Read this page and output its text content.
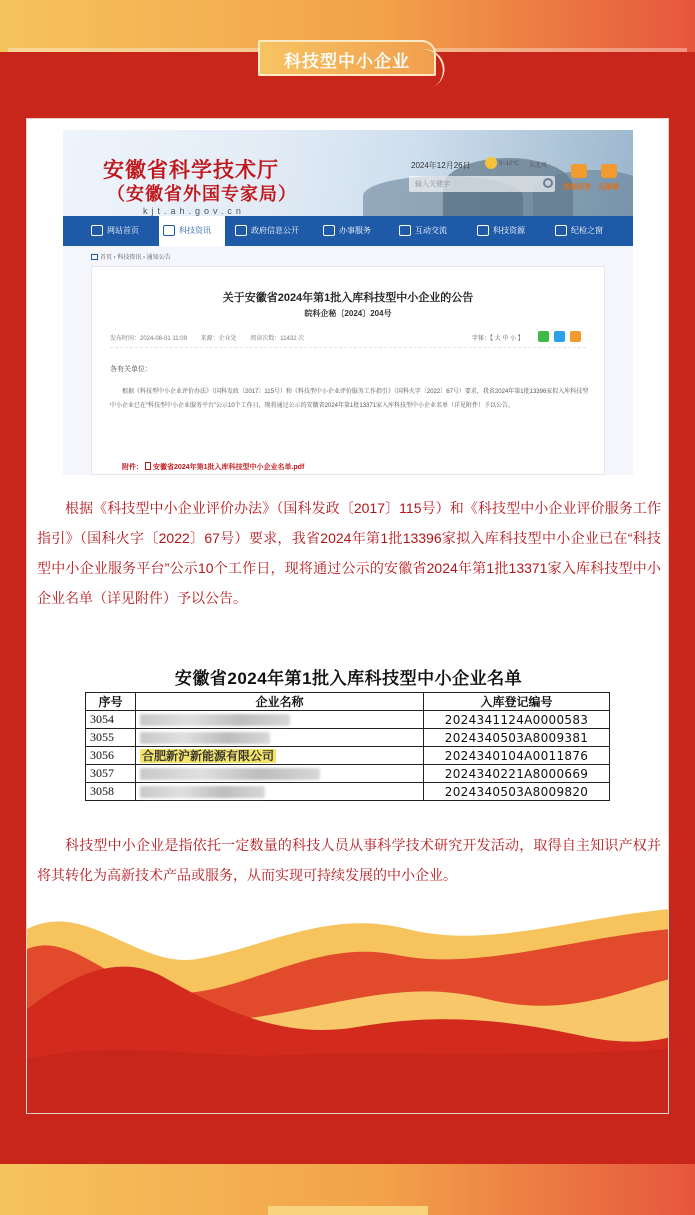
科技型中小企业
安徽省科学技术厅
（安徽省外国专家局）
kjt.ah.gov.cn
2024年12月26日	5~10℃ 东北风
输入关键字	智能问答 无障碍
网站首页	科技资讯	政府信息公开	办事服务	互动交流	科技资源	纪检之窗
首页 › 科技资讯 › 通知公告
关于安徽省2024年第1批入库科技型中小企业的公告
皖科企秘〔2024〕204号
发布时间：2024-08-01 11:09 来源：企业处 阅读次数：11432 次	字体：【 大 中 小 】
各有关单位：
根据《科技型中小企业评价办法》（国科发政〔2017〕115号）和《科技型中小企业评价服务工作指引》（国科火字〔2022〕67号）要求，我省2024年第1批13396家拟入库科技型中小企业已在“科技型中小企业服务平台”公示10个工作日，现将通过公示的安徽省2024年第1批13371家入库科技型中小企业名单（详见附件）予以公告。
附件： 安徽省2024年第1批入库科技型中小企业名单.pdf

根据《科技型中小企业评价办法》（国科发政〔2017〕115号）和《科技型中小企业评价服务工作指引》（国科火字〔2022〕67号）要求，我省2024年第1批13396家拟入库科技型中小企业已在“科技型中小企业服务平台”公示10个工作日，现将通过公示的安徽省2024年第1批13371家入库科技型中小企业名单（详见附件）予以公告。

安徽省2024年第1批入库科技型中小企业名单
序号	企业名称	入库登记编号
3054		2024341124A0000583
3055		2024340503A8009381
3056	合肥新沪新能源有限公司	2024340104A0011876
3057		2024340221A8000669
3058		2024340503A8009820

科技型中小企业是指依托一定数量的科技人员从事科学技术研究开发活动，取得自主知识产权并将其转化为高新技术产品或服务，从而实现可持续发展的中小企业。
